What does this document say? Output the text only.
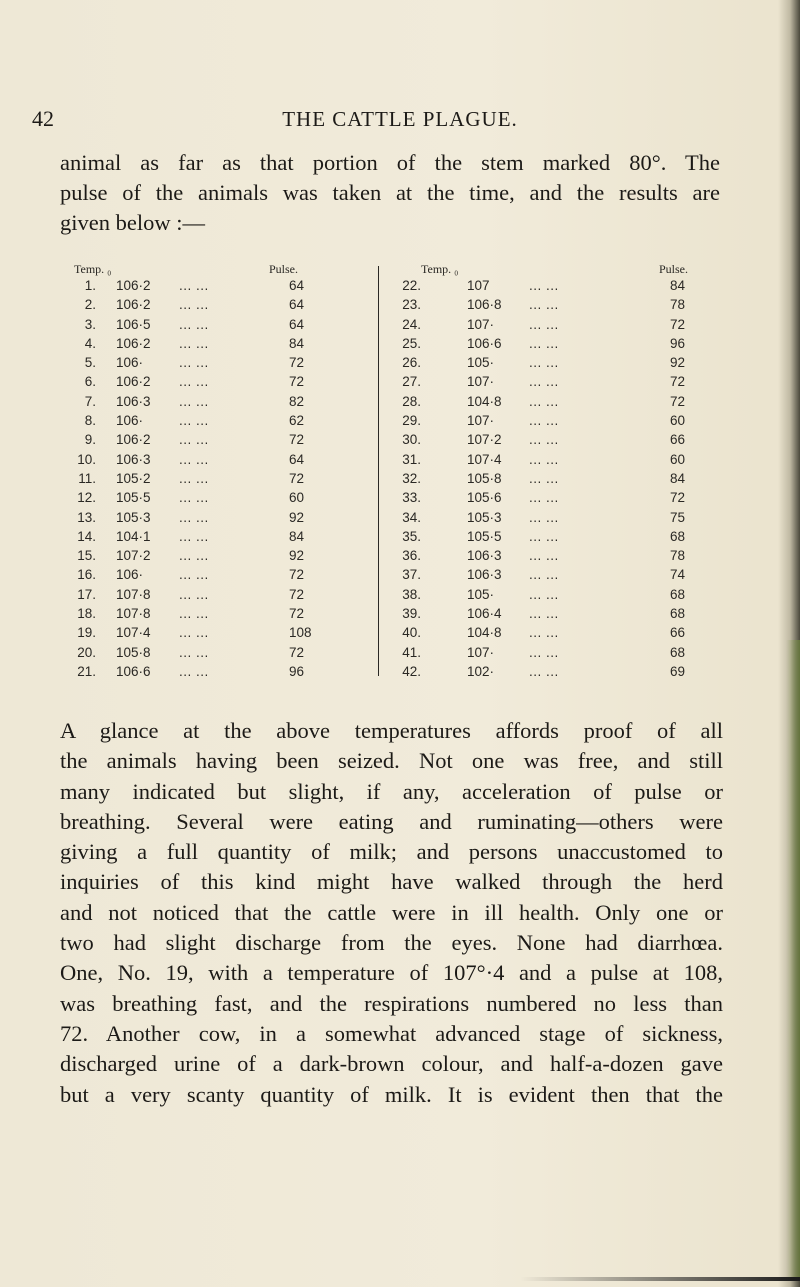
42	THE CATTLE PLAGUE.
animal as far as that portion of the stem marked 80°. The
pulse of the animals was taken at the time, and the results are
given below :—
Temp. ₀	Pulse.
1. 106·2 ... ...	64
2. 106·2 ... ...	64
3. 106·5 ... ...	64
4. 106·2 ... ...	84
5. 106·	... ...	72
6. 106·2 ... ...	72
7. 106·3 ... ...	82
8. 106·	... ...	62
9. 106·2 ... ...	72
10. 106·3 ... ...	64
11. 105·2 ... ...	72
12. 105·5 ... ...	60
13. 105·3 ... ...	92
14. 104·1 ... ...	84
15. 107·2 ... ...	92
16. 106·	... ...	72
17. 107·8 ... ...	72
18. 107·8 ... ...	72
19. 107·4 ... ...	108
20. 105·8 ... ...	72
21. 106·6 ... ...	96
Temp. ₀	Pulse.
22.	107	... ...	84
23.	106·8 ... ...	78
24.	107·	... ...	72
25.	106·6 ... ...	96
26.	105·	... ...	92
27.	107·	... ...	72
28.	104·8 ... ...	72
29.	107·	... ...	60
30.	107·2 ... ...	66
31.	107·4 ... ...	60
32.	105·8 ... ...	84
33.	105·6 ... ...	72
34.	105·3 ... ...	75
35.	105·5 ... ...	68
36.	106·3 ... ...	78
37.	106·3 ... ...	74
38.	105·	... ...	68
39.	106·4 ... ...	68
40.	104·8 ... ...	66
41.	107·	... ...	68
42.	102·	... ...	69
A glance at the above temperatures affords proof of all
the animals having been seized. Not one was free, and still
many indicated but slight, if any, acceleration of pulse or
breathing. Several were eating and ruminating—others were
giving a full quantity of milk; and persons unaccustomed to
inquiries of this kind might have walked through the herd
and not noticed that the cattle were in ill health. Only one or
two had slight discharge from the eyes. None had diarrhœa.
One, No. 19, with a temperature of 107°·4 and a pulse at 108,
was breathing fast, and the respirations numbered no less than
72. Another cow, in a somewhat advanced stage of sickness,
discharged urine of a dark-brown colour, and half-a-dozen gave
but a very scanty quantity of milk. It is evident then that the
